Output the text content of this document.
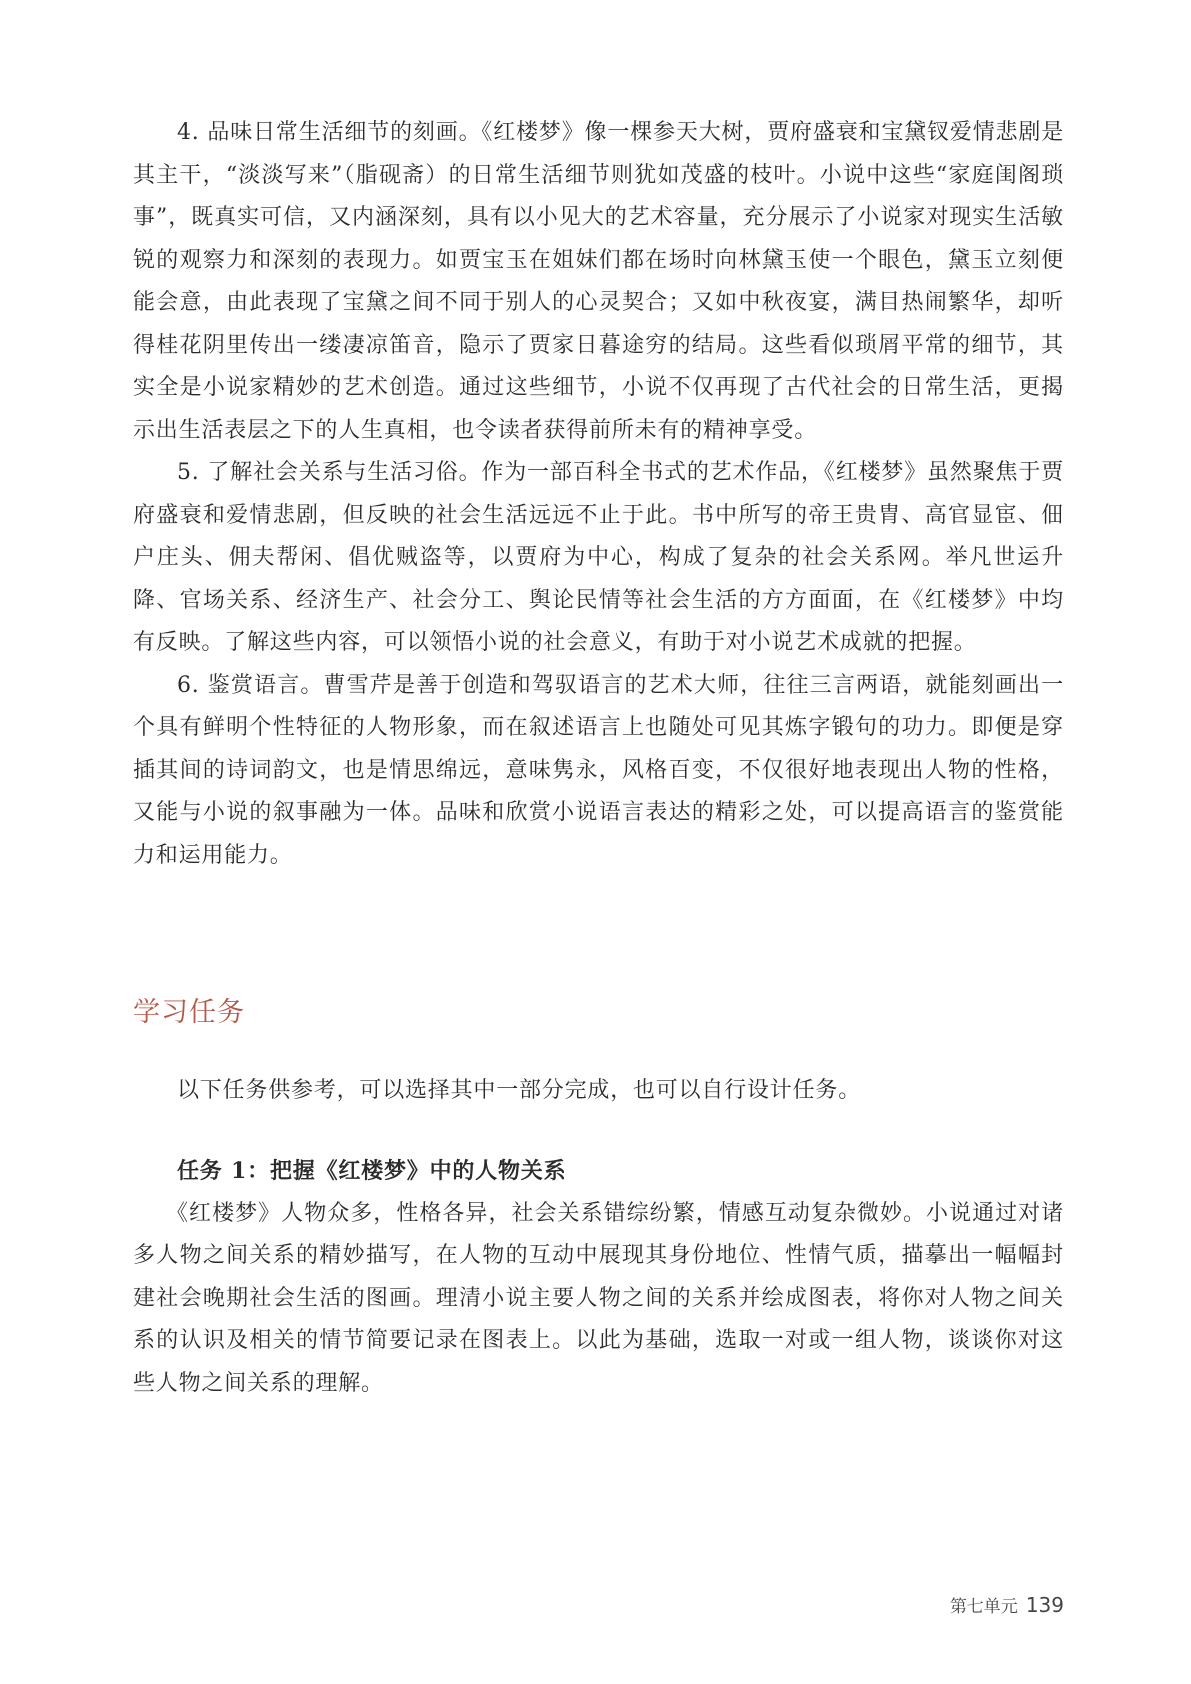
4. 品味日常生活细节的刻画。《红楼梦》像一棵参天大树，贾府盛衰和宝黛钗爱情悲剧是其主干，“淡淡写来”（脂砚斋）的日常生活细节则犹如茂盛的枝叶。小说中这些“家庭闺阁琐事”，既真实可信，又内涵深刻，具有以小见大的艺术容量，充分展示了小说家对现实生活敏锐的观察力和深刻的表现力。如贾宝玉在姐妹们都在场时向林黛玉使一个眼色，黛玉立刻便能会意，由此表现了宝黛之间不同于别人的心灵契合；又如中秋夜宴，满目热闹繁华，却听得桂花阴里传出一缕凄凉笛音，隐示了贾家日暮途穷的结局。这些看似琐屑平常的细节，其实全是小说家精妙的艺术创造。通过这些细节，小说不仅再现了古代社会的日常生活，更揭示出生活表层之下的人生真相，也令读者获得前所未有的精神享受。

5. 了解社会关系与生活习俗。作为一部百科全书式的艺术作品，《红楼梦》虽然聚焦于贾府盛衰和爱情悲剧，但反映的社会生活远远不止于此。书中所写的帝王贵胄、高官显宦、佃户庄头、佣夫帮闲、倡优贼盗等，以贾府为中心，构成了复杂的社会关系网。举凡世运升降、官场关系、经济生产、社会分工、舆论民情等社会生活的方方面面，在《红楼梦》中均有反映。了解这些内容，可以领悟小说的社会意义，有助于对小说艺术成就的把握。

6. 鉴赏语言。曹雪芹是善于创造和驾驭语言的艺术大师，往往三言两语，就能刻画出一个具有鲜明个性特征的人物形象，而在叙述语言上也随处可见其炼字锻句的功力。即便是穿插其间的诗词韵文，也是情思绵远，意味隽永，风格百变，不仅很好地表现出人物的性格，又能与小说的叙事融为一体。品味和欣赏小说语言表达的精彩之处，可以提高语言的鉴赏能力和运用能力。

学习任务

以下任务供参考，可以选择其中一部分完成，也可以自行设计任务。

任务 1：把握《红楼梦》中的人物关系

《红楼梦》人物众多，性格各异，社会关系错综纷繁，情感互动复杂微妙。小说通过对诸多人物之间关系的精妙描写，在人物的互动中展现其身份地位、性情气质，描摹出一幅幅封建社会晚期社会生活的图画。理清小说主要人物之间的关系并绘成图表，将你对人物之间关系的认识及相关的情节简要记录在图表上。以此为基础，选取一对或一组人物，谈谈你对这些人物之间关系的理解。

第七单元 139
